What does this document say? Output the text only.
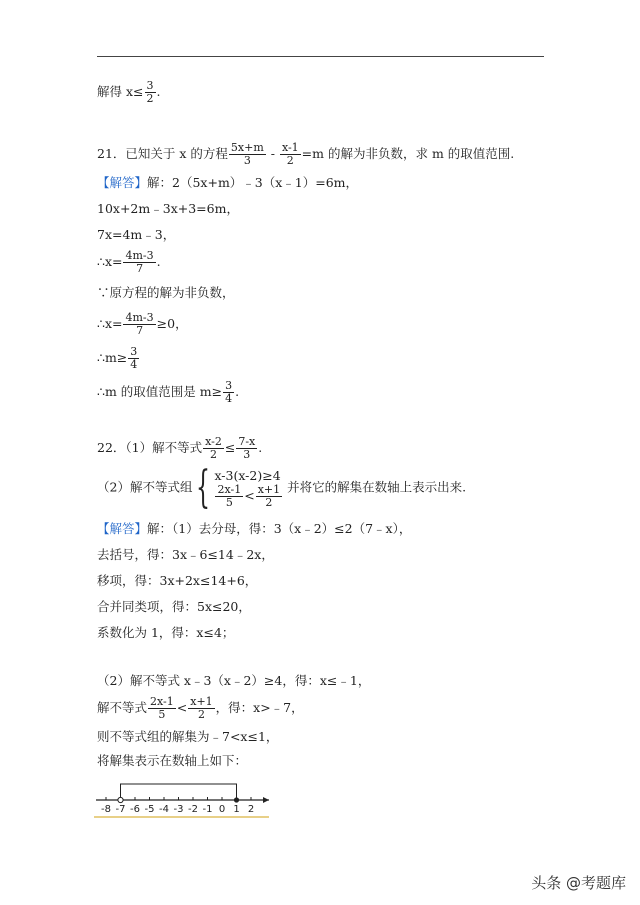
解得 $x\le \frac{3}{2}$ .
21．已知关于 x 的方程 $\frac{5x+m}{3} - \frac{x-1}{2} =m$ 的解为非负数，求 m 的取值范围.
【解答】解：2（5x+m）﹣3（x﹣1）=6m，
10x+2m﹣3x+3=6m，
7x=4m﹣3，
∴x= $\frac{4m-3}{7}$ .
∵原方程的解为非负数，
∴x= $\frac{4m-3}{7} \ge 0$，
∴m≥ $\frac{3}{4}$
∴m 的取值范围是 $m\ge \frac{3}{4}$ .
22．（1）解不等式 $\frac{x-2}{2} \le \frac{7-x}{3}$ .
（2）解不等式组{ x-3(x-2)≥4
$\frac{2x-1}{5} < \frac{x+1}{2}$ 并将它的解集在数轴上表示出来.
【解答】解：（1）去分母，得：3（x﹣2）≤2（7﹣x），
去括号，得：3x﹣6≤14﹣2x，
移项，得：3x+2x≤14+6，
合并同类项，得：5x≤20，
系数化为 1，得：x≤4；
（2）解不等式 x﹣3（x﹣2）≥4，得：x≤﹣1，
解不等式 $\frac{2x-1}{5} < \frac{x+1}{2}$ ，得：x>﹣7，
则不等式组的解集为﹣7<x≤1，
将解集表示在数轴上如下：
-8 -7 -6 -5 -4 -3 -2 -1 0 1 2
头条 @考题库
